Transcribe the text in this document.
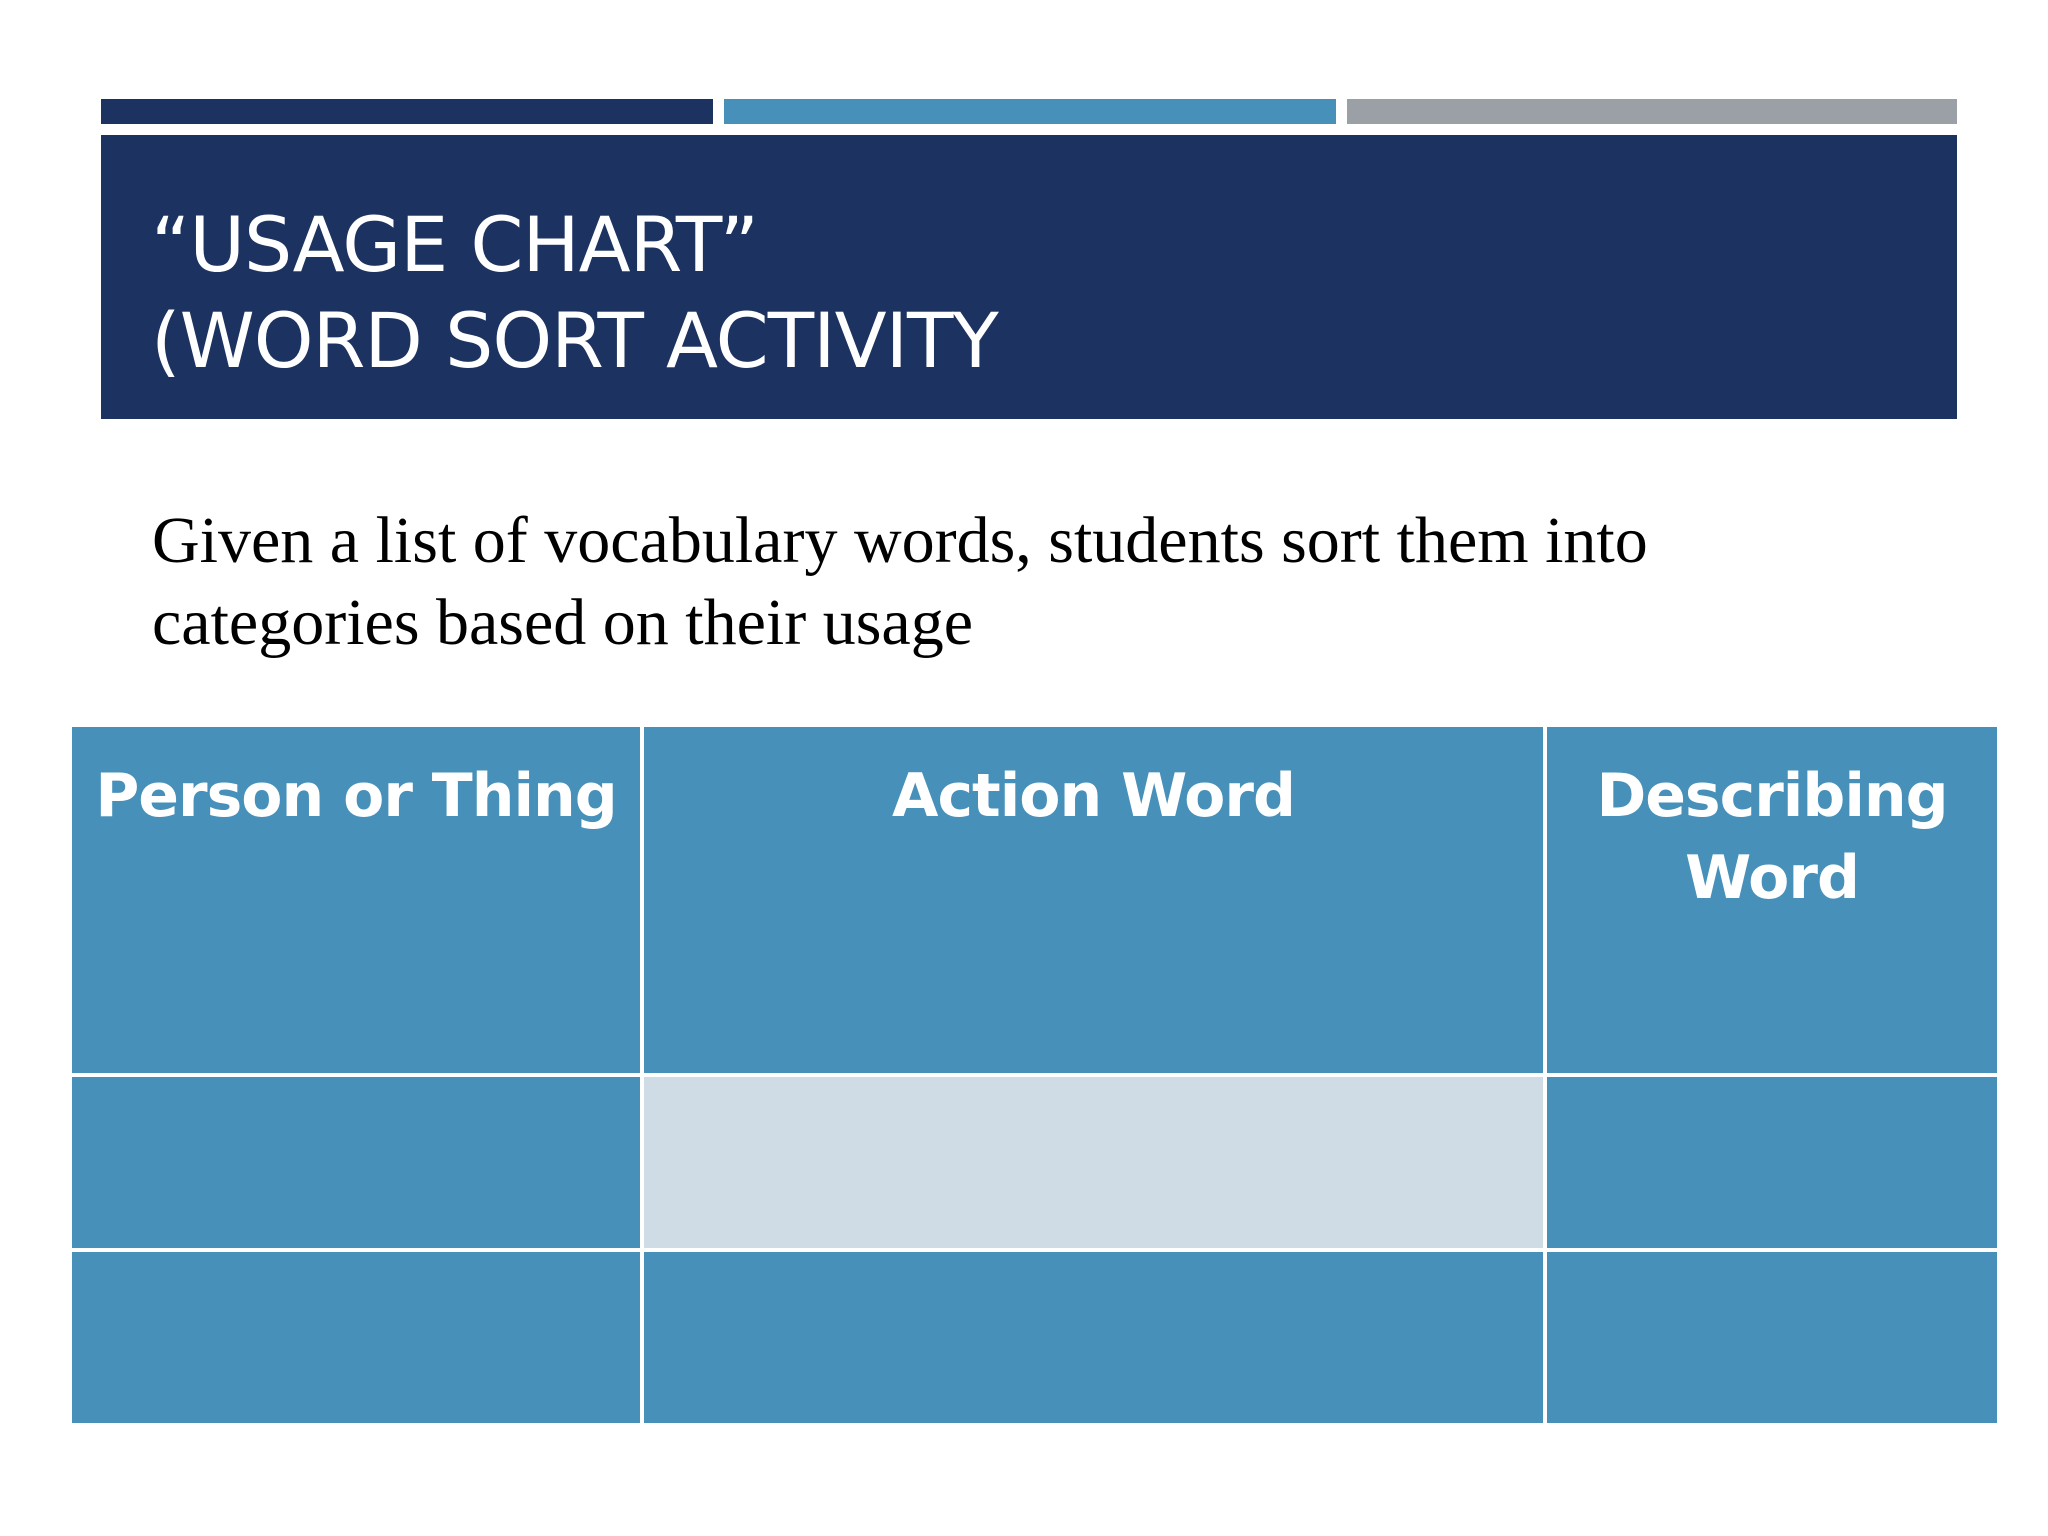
“USAGE CHART”
(WORD SORT ACTIVITY
Given a list of vocabulary words, students sort them into categories based on their usage
Person or Thing	Action Word	Describing Word
